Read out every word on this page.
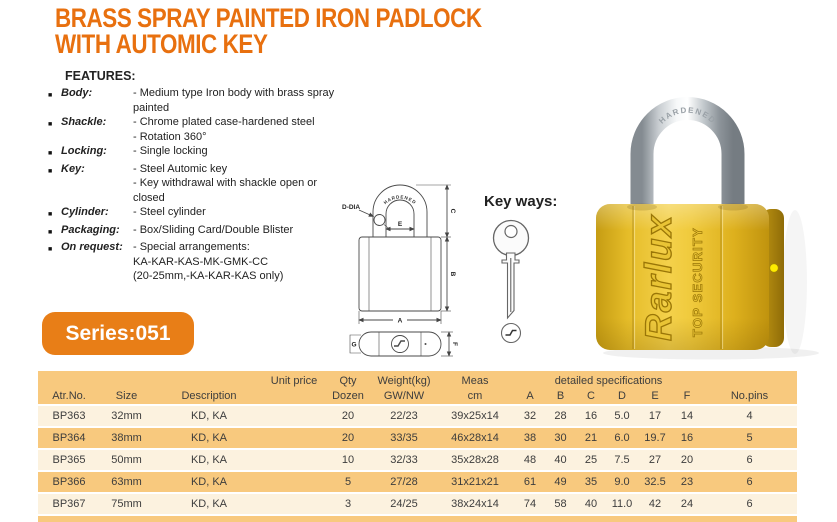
BRASS SPRAY PAINTED IRON PADLOCK
WITH AUTOMIC KEY
FEATURES:
■ Body:	- Medium type Iron body with brass spray painted
■ Shackle:	- Chrome plated case-hardened steel
- Rotation 360°
■ Locking:	- Single locking
■ Key:	- Steel Automic key
- Key withdrawal with shackle open or closed
■ Cylinder:	- Steel cylinder
■ Packaging:	- Box/Sliding Card/Double Blister
■ On request: - Special arrangements:
KA-KAR-KAS-MK-GMK-CC
(20-25mm,-KA-KAR-KAS only)
D-DIA
E
C
B
A
G	F
HARDENED	Key ways:
HARDENED
Rarlux TOP SECURITY
Series:051
			Unit price	Qty	Weight(kg)	Meas	detailed specifications						
Atr.No.	Size	Description		Dozen	GW/NW	cm	A	B	C	D	E	F	No.pins
BP363	32mm	KD, KA		20	22/23	39x25x14	32	28	16	5.0	17	14	4
BP364	38mm	KD, KA		20	33/35	46x28x14	38	30	21	6.0	19.7	16	5
BP365	50mm	KD, KA		10	32/33	35x28x28	48	40	25	7.5	27	20	6
BP366	63mm	KD, KA		5	27/28	31x21x21	61	49	35	9.0	32.5	23	6
BP367	75mm	KD, KA		3	24/25	38x24x14	74	58	40	11.0	42	24	6
